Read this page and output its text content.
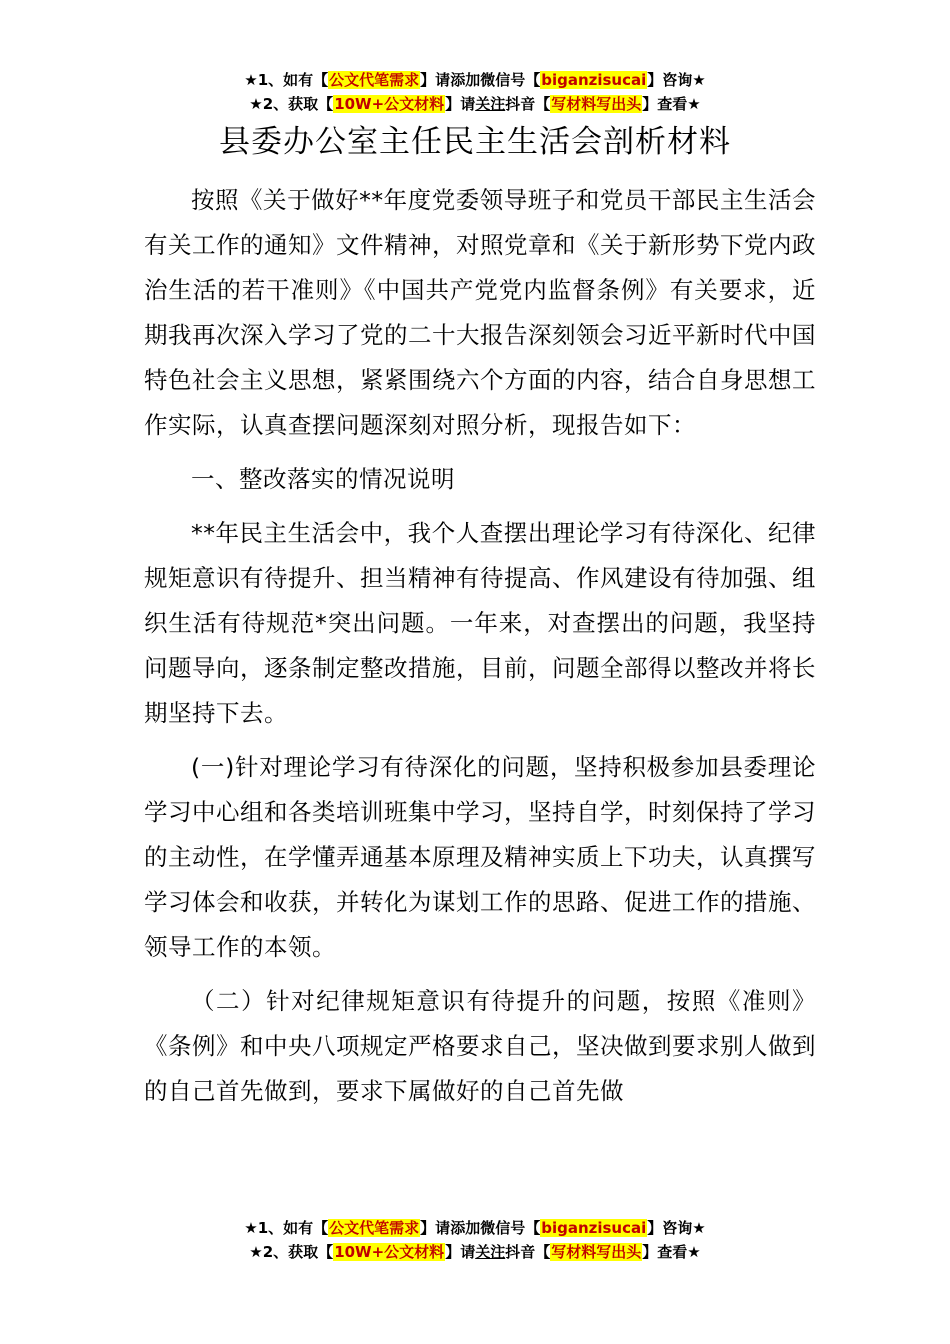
★1、如有【公文代笔需求】请添加微信号【biganzisucai】咨询★
★2、获取【10W+公文材料】请关注抖音【写材料写出头】查看★
县委办公室主任民主生活会剖析材料

按照《关于做好**年度党委领导班子和党员干部民主生活会有关工作的通知》文件精神，对照党章和《关于新形势下党内政治生活的若干准则》《中国共产党党内监督条例》有关要求，近期我再次深入学习了党的二十大报告深刻领会习近平新时代中国特色社会主义思想，紧紧围绕六个方面的内容，结合自身思想工作实际，认真查摆问题深刻对照分析，现报告如下：

一、整改落实的情况说明

**年民主生活会中，我个人查摆出理论学习有待深化、纪律规矩意识有待提升、担当精神有待提高、作风建设有待加强、组织生活有待规范*突出问题。一年来，对查摆出的问题，我坚持问题导向，逐条制定整改措施，目前，问题全部得以整改并将长期坚持下去。

(一)针对理论学习有待深化的问题，坚持积极参加县委理论学习中心组和各类培训班集中学习，坚持自学，时刻保持了学习的主动性，在学懂弄通基本原理及精神实质上下功夫，认真撰写学习体会和收获，并转化为谋划工作的思路、促进工作的措施、领导工作的本领。

（二）针对纪律规矩意识有待提升的问题，按照《准则》《条例》和中央八项规定严格要求自己，坚决做到要求别人做到的自己首先做到，要求下属做好的自己首先做

★1、如有【公文代笔需求】请添加微信号【biganzisucai】咨询★
★2、获取【10W+公文材料】请关注抖音【写材料写出头】查看★
